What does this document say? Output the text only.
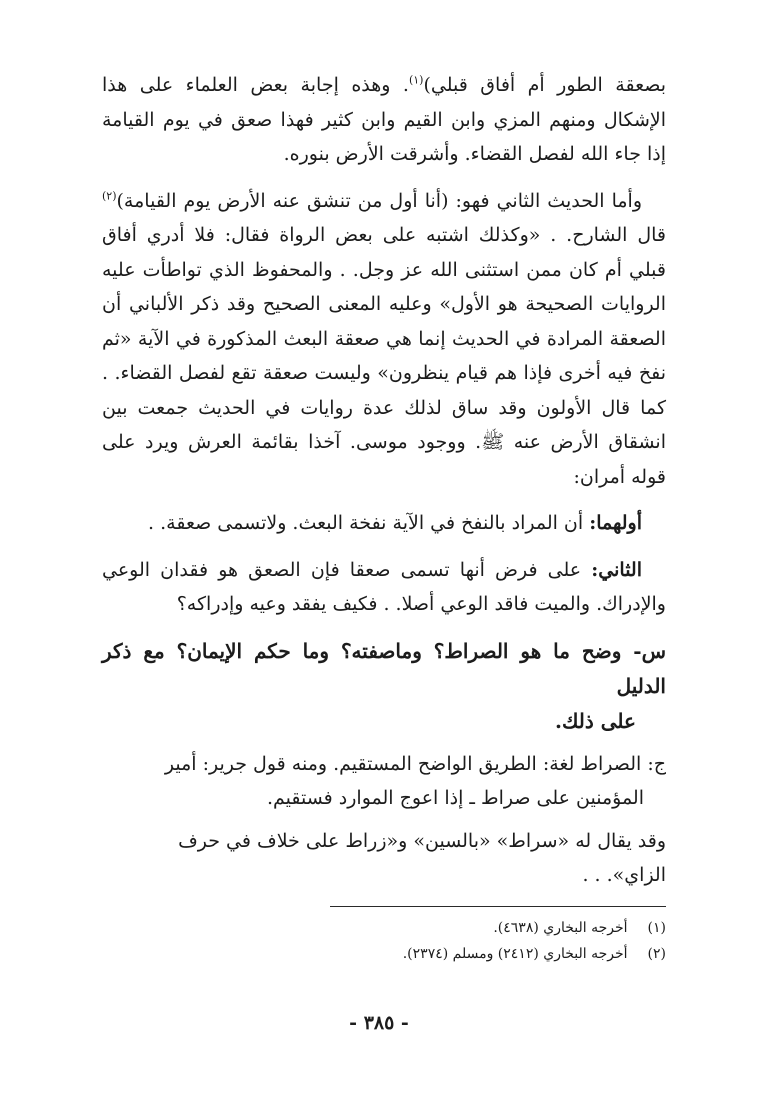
بصعقة الطور أم أفاق قبلي)$^{(١)}$. وهذه إجابة بعض العلماء على هذا الإشكال ومنهم المزي وابن القيم وابن كثير فهذا صعق في يوم القيامة إذا جاء الله لفصل القضاء. وأشرقت الأرض بنوره.

وأما الحديث الثاني فهو: (أنا أول من تنشق عنه الأرض يوم القيامة)$^{(٢)}$ قال الشارح. . «وكذلك اشتبه على بعض الرواة فقال: فلا أدري أفاق قبلي أم كان ممن استثنى الله عز وجل. . والمحفوظ الذي تواطأت عليه الروايات الصحيحة هو الأول» وعليه المعنى الصحيح وقد ذكر الألباني أن الصعقة المرادة في الحديث إنما هي صعقة البعث المذكورة في الآية «ثم نفخ فيه أخرى فإذا هم قيام ينظرون» وليست صعقة تقع لفصل القضاء. . كما قال الأولون وقد ساق لذلك عدة روايات في الحديث جمعت بين انشقاق الأرض عنه ﷺ. ووجود موسى. آخذا بقائمة العرش ويرد على قوله أمران:

أولهما: أن المراد بالنفخ في الآية نفخة البعث. ولاتسمى صعقة. .

الثاني: على فرض أنها تسمى صعقا فإن الصعق هو فقدان الوعي والإدراك. والميت فاقد الوعي أصلا. . فكيف يفقد وعيه وإدراكه؟

س- وضح ما هو الصراط؟ وماصفته؟ وما حكم الإيمان؟ مع ذكر الدليل
على ذلك.

ج: الصراط لغة: الطريق الواضح المستقيم. ومنه قول جرير: أمير
المؤمنين على صراط ـ إذا اعوج الموارد فستقيم.

وقد يقال له «سراط» «بالسين» و«زراط على خلاف في حرف
الزاي». . .

(١) أخرجه البخاري (٤٦٣٨).

(٢) أخرجه البخاري (٢٤١٢) ومسلم (٢٣٧٤).

- ٣٨٥ -
